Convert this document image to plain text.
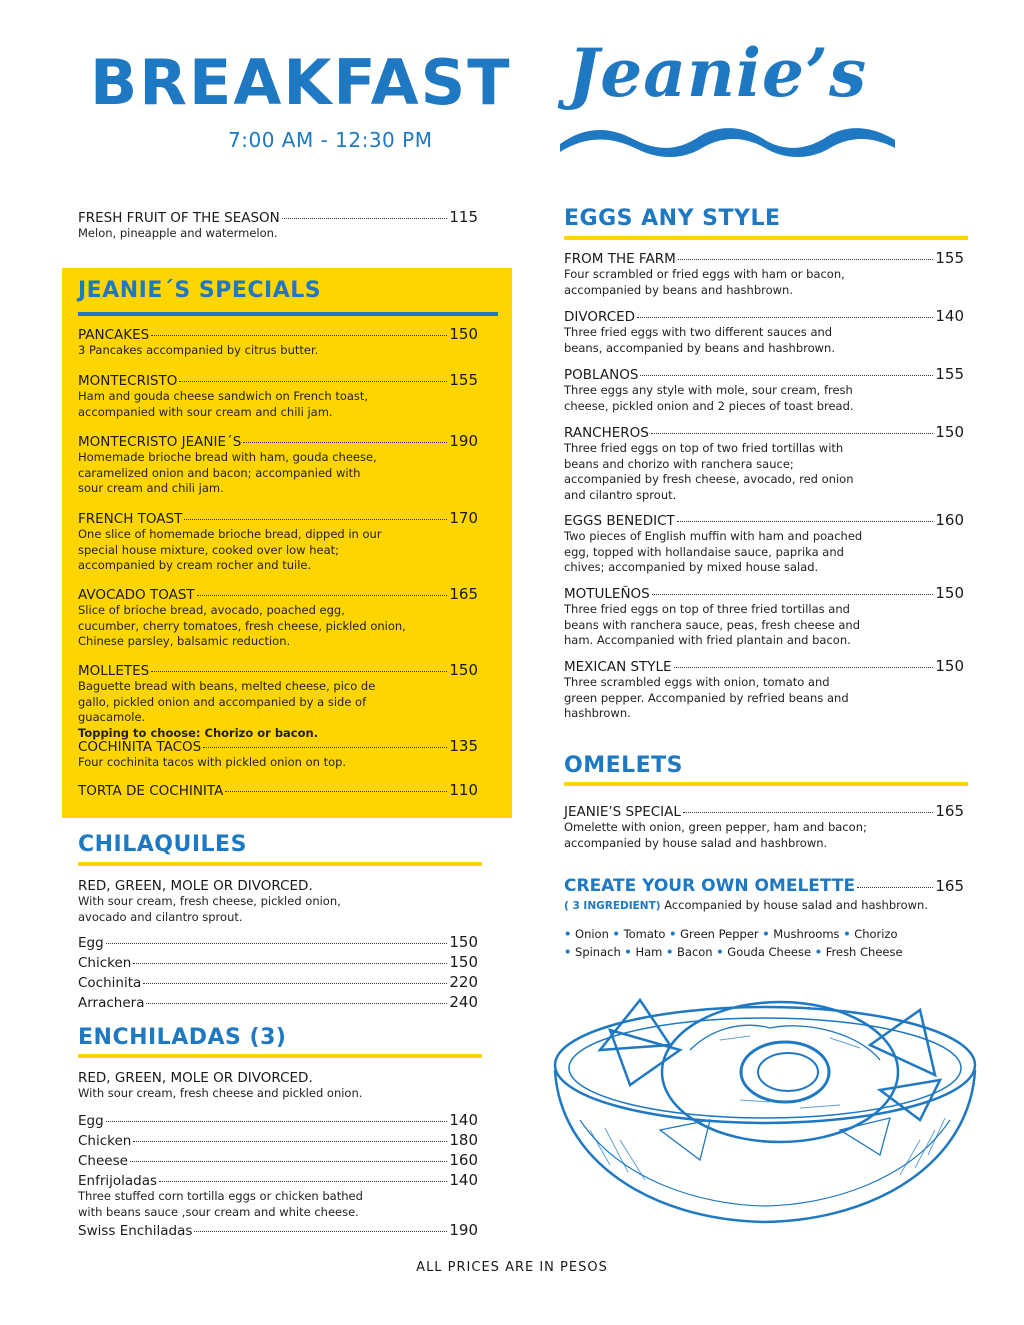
BREAKFAST
7:00 AM - 12:30 PM
Jeanie’s
FRESH FRUIT OF THE SEASON	115
Melon, pineapple and watermelon.
JEANIE´S SPECIALS
PANCAKES	150
3 Pancakes accompanied by citrus butter.
MONTECRISTO	155
Ham and gouda cheese sandwich on French toast, accompanied with sour cream and chili jam.
MONTECRISTO JEANIE´S	190
Homemade brioche bread with ham, gouda cheese, caramelized onion and bacon; accompanied with sour cream and chili jam.
FRENCH TOAST	170
One slice of homemade brioche bread, dipped in our special house mixture, cooked over low heat; accompanied by cream rocher and tuile.
AVOCADO TOAST	165
Slice of brioche bread, avocado, poached egg, cucumber, cherry tomatoes, fresh cheese, pickled onion, Chinese parsley, balsamic reduction.
MOLLETES	150
Baguette bread with beans, melted cheese, pico de gallo, pickled onion and accompanied by a side of guacamole.
Topping to choose: Chorizo or bacon.
COCHINITA TACOS	135
Four cochinita tacos with pickled onion on top.
TORTA DE COCHINITA	110
CHILAQUILES
RED, GREEN, MOLE OR DIVORCED.
With sour cream, fresh cheese, pickled onion, avocado and cilantro sprout.
Egg	150
Chicken	150
Cochinita	220
Arrachera	240
ENCHILADAS (3)
RED, GREEN, MOLE OR DIVORCED.
With sour cream, fresh cheese and pickled onion.
Egg	140
Chicken	180
Cheese	160
Enfrijoladas	140
Three stuffed corn tortilla eggs or chicken bathed with beans sauce ,sour cream and white cheese.
Swiss Enchiladas	190
EGGS ANY STYLE
FROM THE FARM	155
Four scrambled or fried eggs with ham or bacon, accompanied by beans and hashbrown.
DIVORCED	140
Three fried eggs with two different sauces and beans, accompanied by beans and hashbrown.
POBLANOS	155
Three eggs any style with mole, sour cream, fresh cheese, pickled onion and 2 pieces of toast bread.
RANCHEROS	150
Three fried eggs on top of two fried tortillas with beans and chorizo with ranchera sauce; accompanied by fresh cheese, avocado, red onion and cilantro sprout.
EGGS BENEDICT	160
Two pieces of English muffin with ham and poached egg, topped with hollandaise sauce, paprika and chives; accompanied by mixed house salad.
MOTULEÑOS	150
Three fried eggs on top of three fried tortillas and beans with ranchera sauce, peas, fresh cheese and ham. Accompanied with fried plantain and bacon.
MEXICAN STYLE	150
Three scrambled eggs with onion, tomato and green pepper. Accompanied by refried beans and hashbrown.
OMELETS
JEANIE’S SPECIAL	165
Omelette with onion, green pepper, ham and bacon; accompanied by house salad and hashbrown.
CREATE YOUR OWN OMELETTE	165
( 3 INGREDIENT) Accompanied by house salad and hashbrown.
• Onion • Tomato • Green Pepper • Mushrooms • Chorizo
• Spinach • Ham • Bacon • Gouda Cheese • Fresh Cheese
ALL PRICES ARE IN PESOS
